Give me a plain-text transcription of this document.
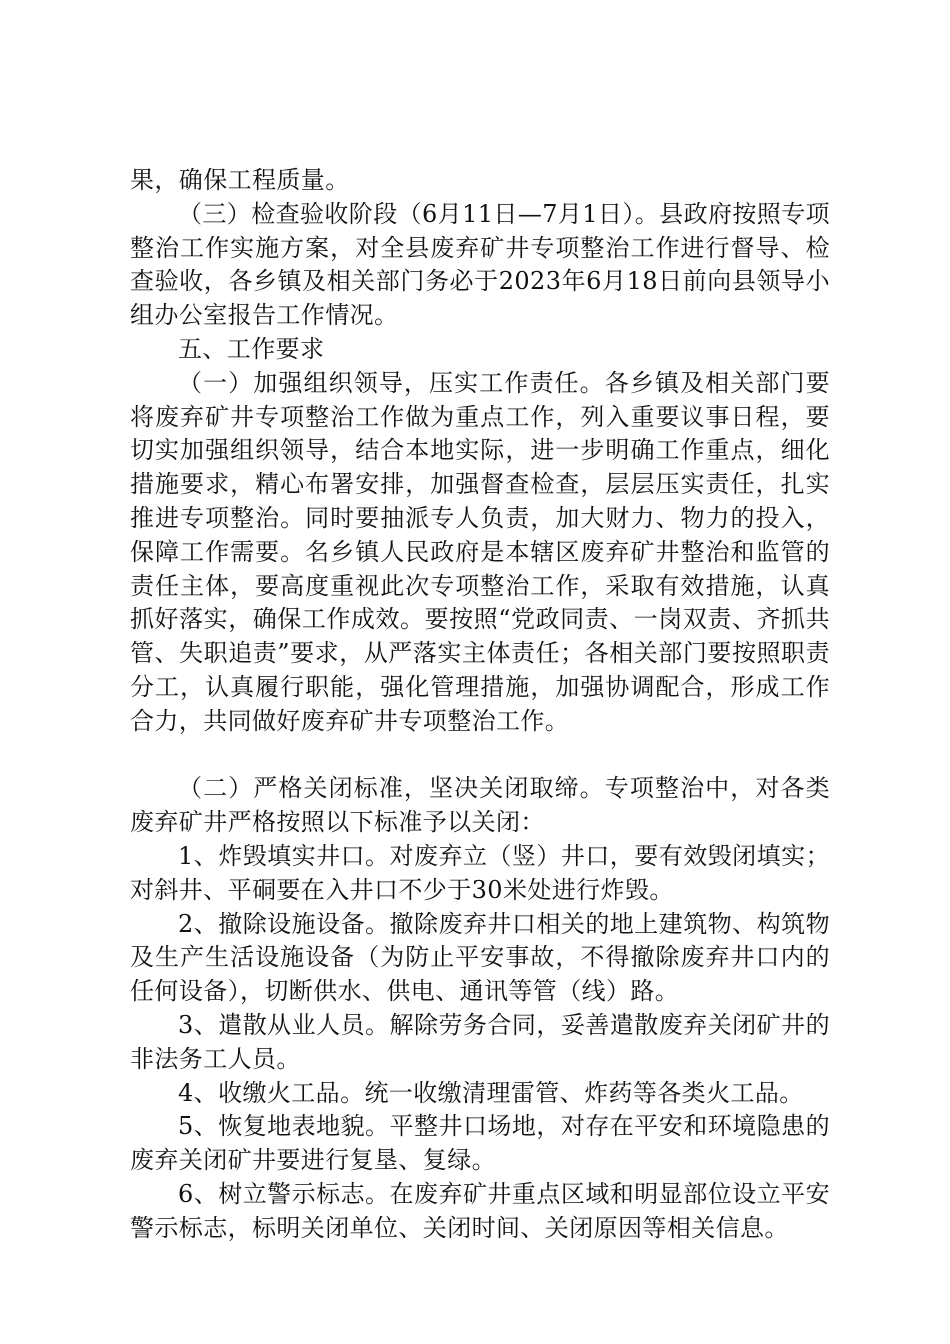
果，确保工程质量。

（三）检查验收阶段（6月11日—7月1日）。县政府按照专项整治工作实施方案，对全县废弃矿井专项整治工作进行督导、检查验收，各乡镇及相关部门务必于2023年6月18日前向县领导小组办公室报告工作情况。

五、工作要求

（一）加强组织领导，压实工作责任。各乡镇及相关部门要将废弃矿井专项整治工作做为重点工作，列入重要议事日程，要切实加强组织领导，结合本地实际，进一步明确工作重点，细化措施要求，精心布署安排，加强督查检查，层层压实责任，扎实推进专项整治。同时要抽派专人负责，加大财力、物力的投入，保障工作需要。名乡镇人民政府是本辖区废弃矿井整治和监管的责任主体，要高度重视此次专项整治工作，采取有效措施，认真抓好落实，确保工作成效。要按照“党政同责、一岗双责、齐抓共管、失职追责”要求，从严落实主体责任；各相关部门要按照职责分工，认真履行职能，强化管理措施，加强协调配合，形成工作合力，共同做好废弃矿井专项整治工作。

（二）严格关闭标准，坚决关闭取缔。专项整治中，对各类废弃矿井严格按照以下标准予以关闭：

1、炸毁填实井口。对废弃立（竖）井口，要有效毁闭填实；对斜井、平硐要在入井口不少于30米处进行炸毁。

2、撤除设施设备。撤除废弃井口相关的地上建筑物、构筑物及生产生活设施设备（为防止平安事故，不得撤除废弃井口内的任何设备），切断供水、供电、通讯等管（线）路。

3、遣散从业人员。解除劳务合同，妥善遣散废弃关闭矿井的非法务工人员。

4、收缴火工品。统一收缴清理雷管、炸药等各类火工品。

5、恢复地表地貌。平整井口场地，对存在平安和环境隐患的废弃关闭矿井要进行复垦、复绿。

6、树立警示标志。在废弃矿井重点区域和明显部位设立平安警示标志，标明关闭单位、关闭时间、关闭原因等相关信息。
